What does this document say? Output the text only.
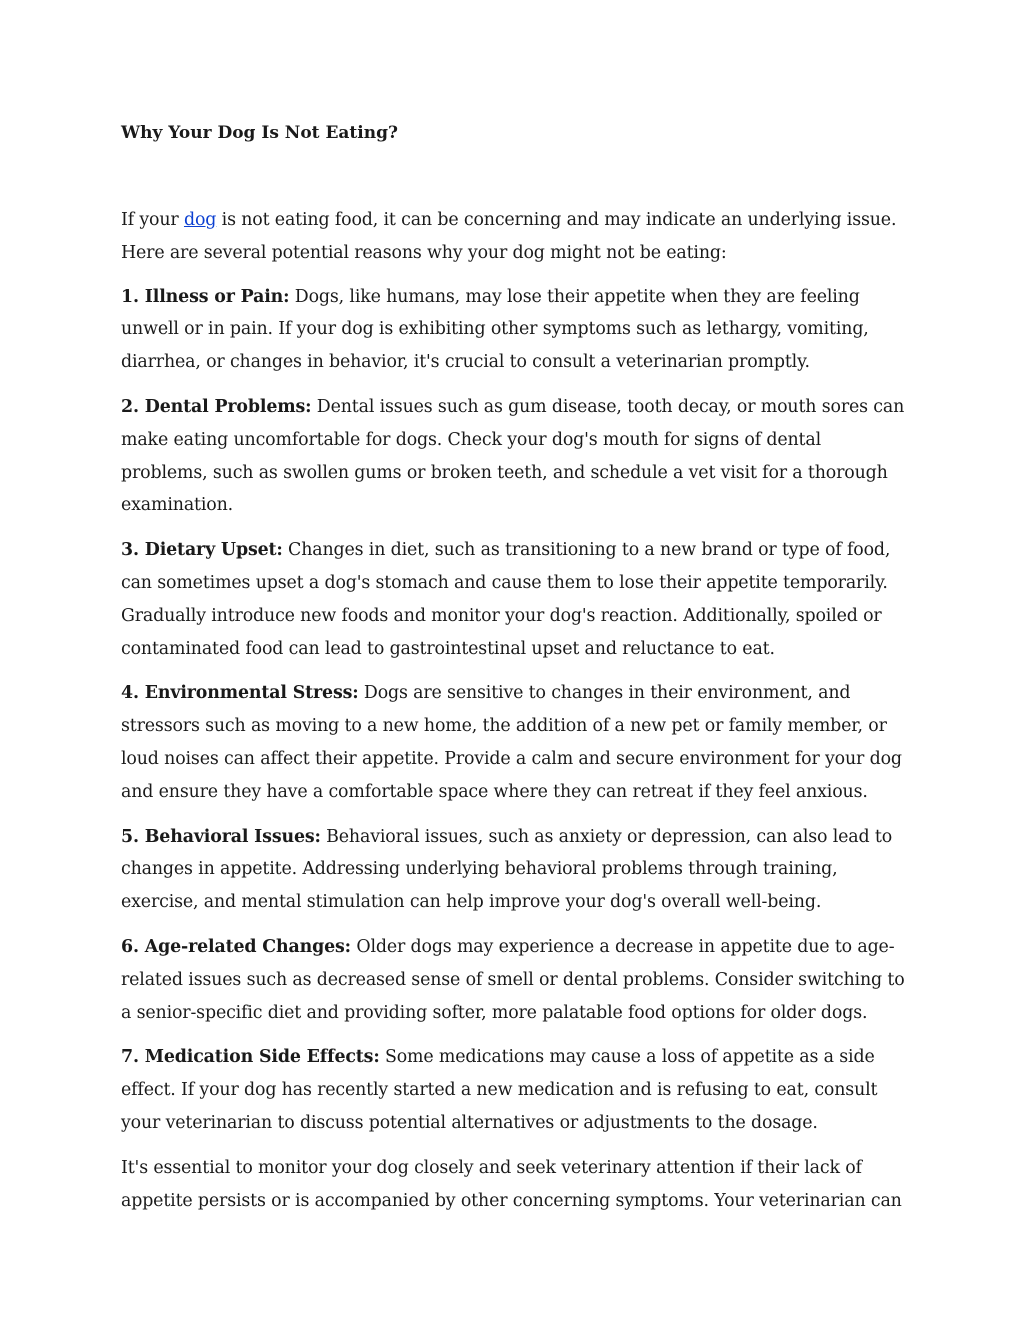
Why Your Dog Is Not Eating?

If your dog is not eating food, it can be concerning and may indicate an underlying issue. Here are several potential reasons why your dog might not be eating:

1. Illness or Pain: Dogs, like humans, may lose their appetite when they are feeling unwell or in pain. If your dog is exhibiting other symptoms such as lethargy, vomiting, diarrhea, or changes in behavior, it's crucial to consult a veterinarian promptly.

2. Dental Problems: Dental issues such as gum disease, tooth decay, or mouth sores can make eating uncomfortable for dogs. Check your dog's mouth for signs of dental problems, such as swollen gums or broken teeth, and schedule a vet visit for a thorough examination.

3. Dietary Upset: Changes in diet, such as transitioning to a new brand or type of food, can sometimes upset a dog's stomach and cause them to lose their appetite temporarily. Gradually introduce new foods and monitor your dog's reaction. Additionally, spoiled or contaminated food can lead to gastrointestinal upset and reluctance to eat.

4. Environmental Stress: Dogs are sensitive to changes in their environment, and stressors such as moving to a new home, the addition of a new pet or family member, or loud noises can affect their appetite. Provide a calm and secure environment for your dog and ensure they have a comfortable space where they can retreat if they feel anxious.

5. Behavioral Issues: Behavioral issues, such as anxiety or depression, can also lead to changes in appetite. Addressing underlying behavioral problems through training, exercise, and mental stimulation can help improve your dog's overall well-being.

6. Age-related Changes: Older dogs may experience a decrease in appetite due to age-related issues such as decreased sense of smell or dental problems. Consider switching to a senior-specific diet and providing softer, more palatable food options for older dogs.

7. Medication Side Effects: Some medications may cause a loss of appetite as a side effect. If your dog has recently started a new medication and is refusing to eat, consult your veterinarian to discuss potential alternatives or adjustments to the dosage.

It's essential to monitor your dog closely and seek veterinary attention if their lack of appetite persists or is accompanied by other concerning symptoms. Your veterinarian can
